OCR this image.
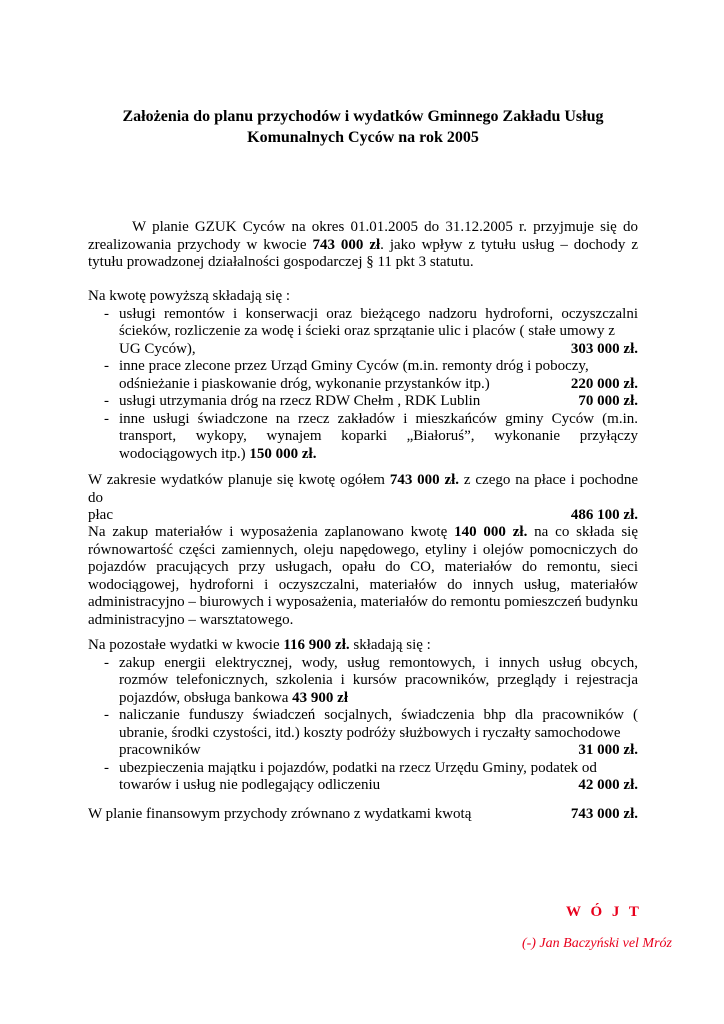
Założenia do planu przychodów i wydatków Gminnego Zakładu Usług
Komunalnych Cyców na rok 2005
W planie GZUK Cyców na okres 01.01.2005 do 31.12.2005 r. przyjmuje się do zrealizowania przychody w kwocie 743 000 zł. jako wpływ z tytułu usług – dochody z tytułu prowadzonej działalności gospodarczej § 11 pkt 3 statutu.

Na kwotę powyższą składają się :

- usługi remontów i konserwacji oraz bieżącego nadzoru hydroforni, oczyszczalni ścieków, rozliczenie za wodę i ścieki oraz sprzątanie ulic i placów ( stałe umowy z
UG Cyców),	303 000 zł.
- inne prace zlecone przez Urząd Gminy Cyców (m.in. remonty dróg i poboczy,
odśnieżanie i piaskowanie dróg, wykonanie przystanków itp.)	220 000 zł.
- usługi utrzymania dróg na rzecz RDW Chełm , RDK Lublin	70 000 zł.
- inne usługi świadczone na rzecz zakładów i mieszkańców gminy Cyców (m.in. transport, wykopy, wynajem koparki „Białoruś”, wykonanie przyłączy wodociągowych itp.) 150 000 zł.
W zakresie wydatków planuje się kwotę ogółem 743 000 zł. z czego na płace i pochodne do
płac	486 100 zł.
Na zakup materiałów i wyposażenia zaplanowano kwotę 140 000 zł. na co składa się równowartość części zamiennych, oleju napędowego, etyliny i olejów pomocniczych do pojazdów pracujących przy usługach, opału do CO, materiałów do remontu, sieci wodociągowej, hydroforni i oczyszczalni, materiałów do innych usług, materiałów administracyjno – biurowych i wyposażenia, materiałów do remontu pomieszczeń budynku administracyjno – warsztatowego.

Na pozostałe wydatki w kwocie 116 900 zł. składają się :

- zakup energii elektrycznej, wody, usług remontowych, i innych usług obcych, rozmów telefonicznych, szkolenia i kursów pracowników, przeglądy i rejestracja pojazdów, obsługa bankowa 43 900 zł
- naliczanie funduszy świadczeń socjalnych, świadczenia bhp dla pracowników ( ubranie, środki czystości, itd.) koszty podróży służbowych i ryczałty samochodowe
pracowników	31 000 zł.
- ubezpieczenia majątku i pojazdów, podatki na rzecz Urzędu Gminy, podatek od
towarów i usług nie podlegający odliczeniu	42 000 zł.
W planie finansowym przychody zrównano z wydatkami kwotą	743 000 zł.
W Ó J T
(-) Jan Baczyński vel Mróz
